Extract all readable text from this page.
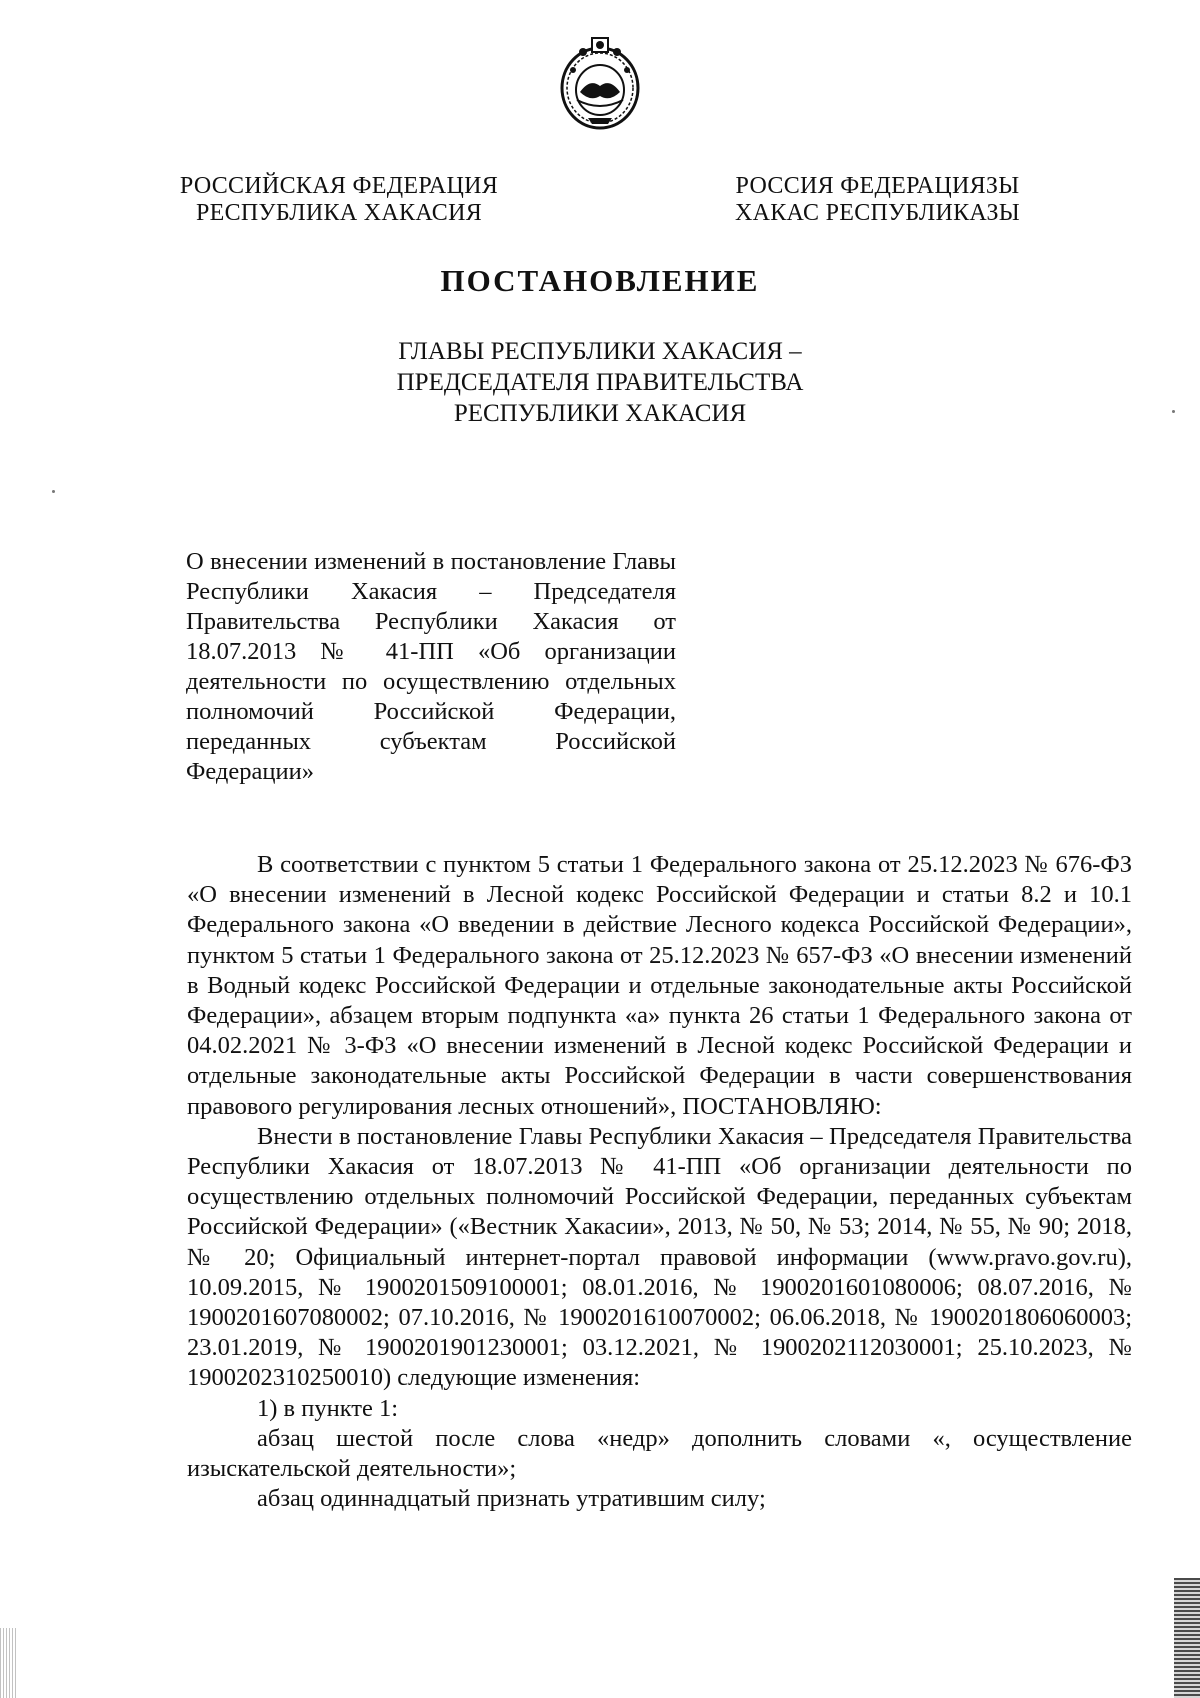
РОССИЙСКАЯ ФЕДЕРАЦИЯ
РЕСПУБЛИКА ХАКАСИЯ
РОССИЯ ФЕДЕРАЦИЯЗЫ
ХАКАС РЕСПУБЛИКАЗЫ
ПОСТАНОВЛЕНИЕ
ГЛАВЫ РЕСПУБЛИКИ ХАКАСИЯ –
ПРЕДСЕДАТЕЛЯ ПРАВИТЕЛЬСТВА
РЕСПУБЛИКИ ХАКАСИЯ
О внесении изменений в постановление Главы Республики Хакасия – Председателя Правительства Республики Хакасия от 18.07.2013 № 41-ПП «Об организации деятельности по осуществлению отдельных полномочий Российской Федерации, переданных субъектам Российской Федерации»

В соответствии с пунктом 5 статьи 1 Федерального закона от 25.12.2023 № 676-ФЗ «О внесении изменений в Лесной кодекс Российской Федерации и статьи 8.2 и 10.1 Федерального закона «О введении в действие Лесного кодекса Российской Федерации», пунктом 5 статьи 1 Федерального закона от 25.12.2023 № 657-ФЗ «О внесении изменений в Водный кодекс Российской Федерации и отдельные законодательные акты Российской Федерации», абзацем вторым подпункта «а» пункта 26 статьи 1 Федерального закона от 04.02.2021 № 3-ФЗ «О внесении изменений в Лесной кодекс Российской Федерации и отдельные законодательные акты Российской Федерации в части совершенствования правового регулирования лесных отношений», ПОСТАНОВЛЯЮ:

Внести в постановление Главы Республики Хакасия – Председателя Правительства Республики Хакасия от 18.07.2013 № 41-ПП «Об организации деятельности по осуществлению отдельных полномочий Российской Федерации, переданных субъектам Российской Федерации» («Вестник Хакасии», 2013, № 50, № 53; 2014, № 55, № 90; 2018, № 20; Официальный интернет-портал правовой информации (www.pravo.gov.ru), 10.09.2015, № 1900201509100001; 08.01.2016, № 1900201601080006; 08.07.2016, № 1900201607080002; 07.10.2016, № 1900201610070002; 06.06.2018, № 1900201806060003; 23.01.2019, № 1900201901230001; 03.12.2021, № 1900202112030001; 25.10.2023, № 1900202310250010) следующие изменения:

1) в пункте 1:

абзац шестой после слова «недр» дополнить словами «, осуществление изыскательской деятельности»;

абзац одиннадцатый признать утратившим силу;
